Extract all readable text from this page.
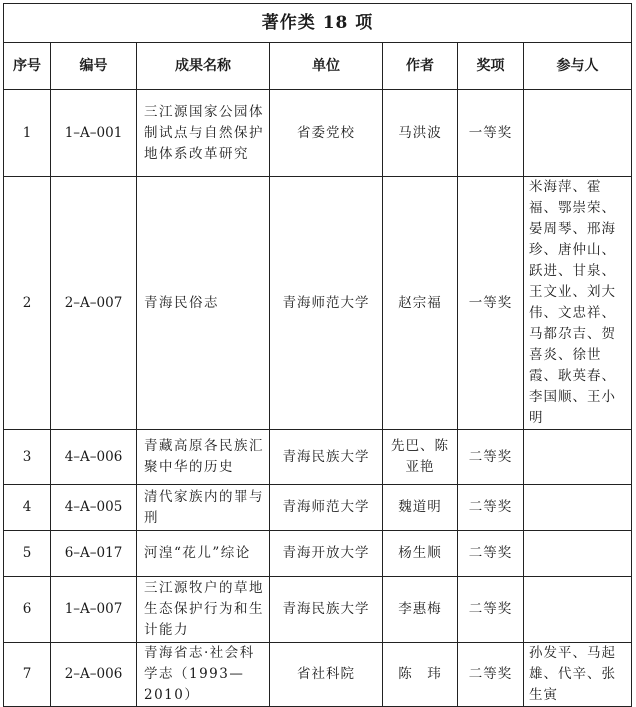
著作类 18 项						
序号	编号	成果名称	单位	作者	奖项	参与人
1	1–A–001	三江源国家公园体制试点与自然保护地体系改革研究	省委党校	马洪波	一等奖	
2	2–A–007	青海民俗志	青海师范大学	赵宗福	一等奖	米海萍、霍福、鄂崇荣、晏周琴、邢海珍、唐仲山、跃进、甘泉、王文业、刘大伟、文忠祥、马都尕吉、贺喜炎、徐世霞、耿英春、李国顺、王小明
3	4–A–006	青藏高原各民族汇聚中华的历史	青海民族大学	先巴、陈亚艳	二等奖	
4	4–A–005	清代家族内的罪与刑	青海师范大学	魏道明	二等奖	
5	6–A–017	河湟“花儿”综论	青海开放大学	杨生顺	二等奖	
6	1–A–007	三江源牧户的草地生态保护行为和生计能力	青海民族大学	李惠梅	二等奖	
7	2–A–006	青海省志·社会科学志（1993—2010）	省社科院	陈　玮	二等奖	孙发平、马起雄、代辛、张生寅
